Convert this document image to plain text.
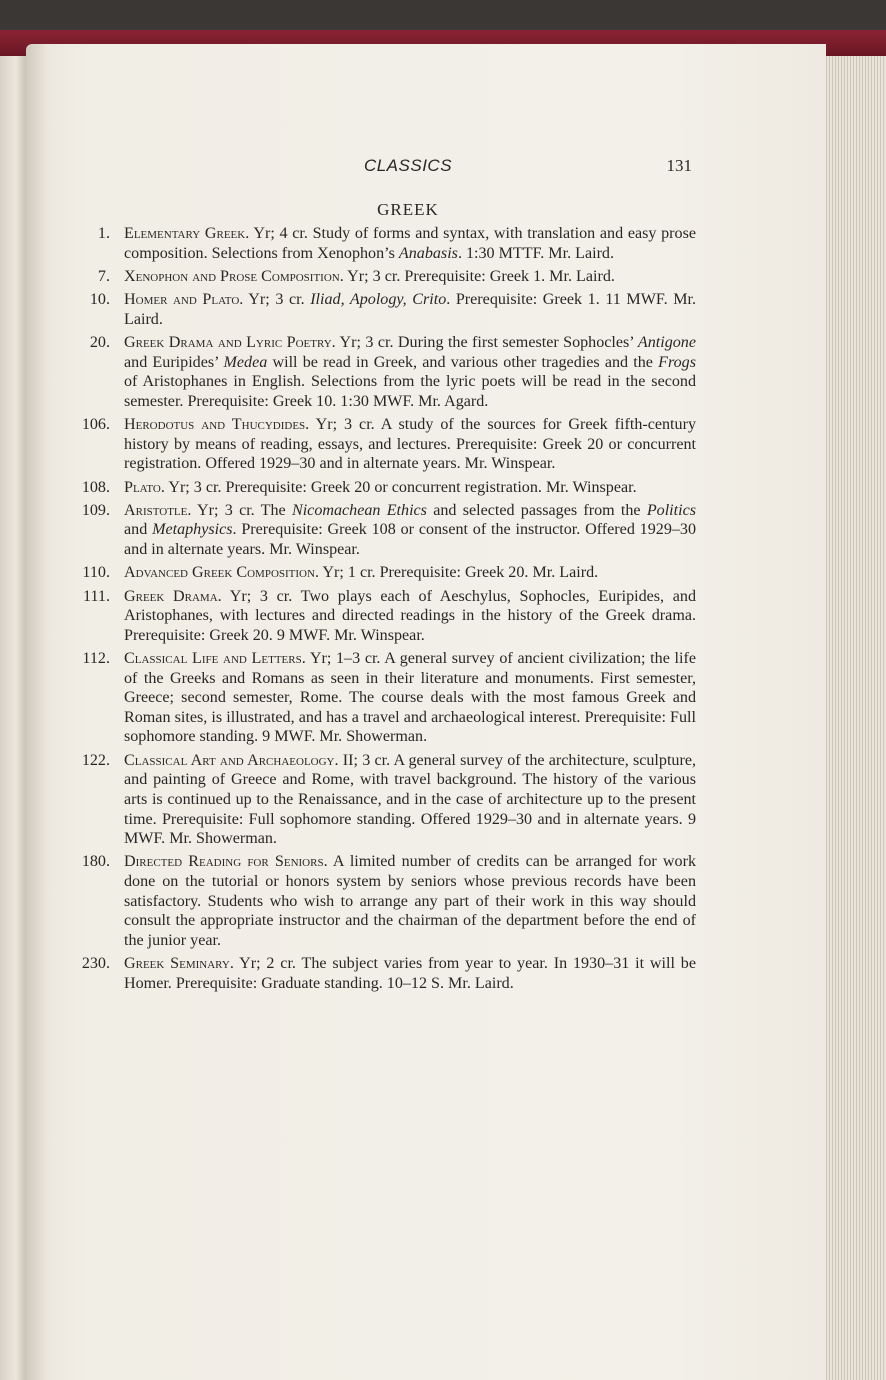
CLASSICS	131
GREEK
1. Elementary Greek. Yr; 4 cr. Study of forms and syntax, with translation and easy prose composition. Selections from Xenophon’s Anabasis. 1:30 MTTF. Mr. Laird.
7. Xenophon and Prose Composition. Yr; 3 cr. Prerequisite: Greek 1. Mr. Laird.
10. Homer and Plato. Yr; 3 cr. Iliad, Apology, Crito. Prerequisite: Greek 1. 11 MWF. Mr. Laird.
20. Greek Drama and Lyric Poetry. Yr; 3 cr. During the first semester Sophocles’ Antigone and Euripides’ Medea will be read in Greek, and various other tragedies and the Frogs of Aristophanes in English. Selections from the lyric poets will be read in the second semester. Prerequisite: Greek 10. 1:30 MWF. Mr. Agard.
106. Herodotus and Thucydides. Yr; 3 cr. A study of the sources for Greek fifth-century history by means of reading, essays, and lectures. Prerequisite: Greek 20 or concurrent registration. Offered 1929–30 and in alternate years. Mr. Winspear.
108. Plato. Yr; 3 cr. Prerequisite: Greek 20 or concurrent registration. Mr. Winspear.
109. Aristotle. Yr; 3 cr. The Nicomachean Ethics and selected passages from the Politics and Metaphysics. Prerequisite: Greek 108 or consent of the instructor. Offered 1929–30 and in alternate years. Mr. Winspear.
110. Advanced Greek Composition. Yr; 1 cr. Prerequisite: Greek 20. Mr. Laird.
111. Greek Drama. Yr; 3 cr. Two plays each of Aeschylus, Sophocles, Euripides, and Aristophanes, with lectures and directed readings in the history of the Greek drama. Prerequisite: Greek 20. 9 MWF. Mr. Winspear.
112. Classical Life and Letters. Yr; 1–3 cr. A general survey of ancient civilization; the life of the Greeks and Romans as seen in their literature and monuments. First semester, Greece; second semester, Rome. The course deals with the most famous Greek and Roman sites, is illustrated, and has a travel and archaeological interest. Prerequisite: Full sophomore standing. 9 MWF. Mr. Showerman.
122. Classical Art and Archaeology. II; 3 cr. A general survey of the architecture, sculpture, and painting of Greece and Rome, with travel background. The history of the various arts is continued up to the Renaissance, and in the case of architecture up to the present time. Prerequisite: Full sophomore standing. Offered 1929–30 and in alternate years. 9 MWF. Mr. Showerman.
180. Directed Reading for Seniors. A limited number of credits can be arranged for work done on the tutorial or honors system by seniors whose previous records have been satisfactory. Students who wish to arrange any part of their work in this way should consult the appropriate instructor and the chairman of the department before the end of the junior year.
230. Greek Seminary. Yr; 2 cr. The subject varies from year to year. In 1930–31 it will be Homer. Prerequisite: Graduate standing. 10–12 S. Mr. Laird.
